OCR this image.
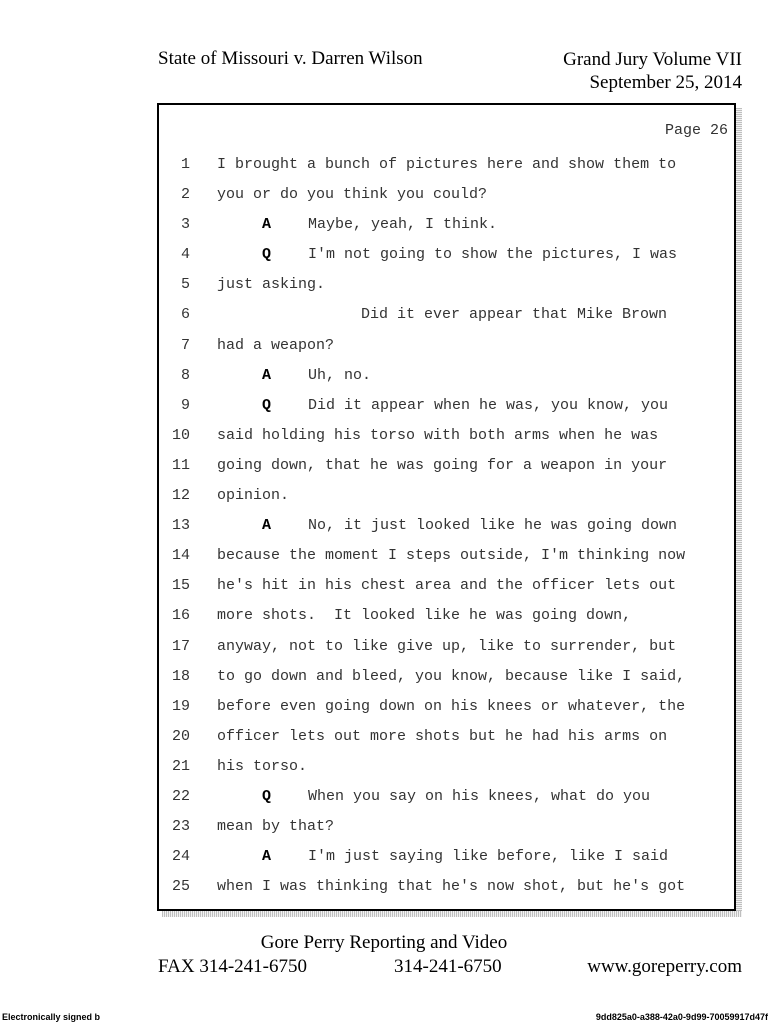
State of Missouri v. Darren Wilson	Grand Jury Volume VII
September 25, 2014
Page 26
1 I brought a bunch of pictures here and show them to
2 you or do you think you could?
3	A Maybe, yeah, I think.
4	Q I'm not going to show the pictures, I was
5 just asking.
6	Did it ever appear that Mike Brown
7 had a weapon?
8	A Uh, no.
9	Q Did it appear when he was, you know, you
10 said holding his torso with both arms when he was
11 going down, that he was going for a weapon in your
12 opinion.
13	A No, it just looked like he was going down
14 because the moment I steps outside, I'm thinking now
15 he's hit in his chest area and the officer lets out
16 more shots.  It looked like he was going down,
17 anyway, not to like give up, like to surrender, but
18 to go down and bleed, you know, because like I said,
19 before even going down on his knees or whatever, the
20 officer lets out more shots but he had his arms on
21 his torso.
22	Q When you say on his knees, what do you
23 mean by that?
24	A I'm just saying like before, like I said
25 when I was thinking that he's now shot, but he's got
Gore Perry Reporting and Video
FAX 314-241-6750	314-241-6750	www.goreperry.com
Electronically signed b	9dd825a0-a388-42a0-9d99-70059917d47f
